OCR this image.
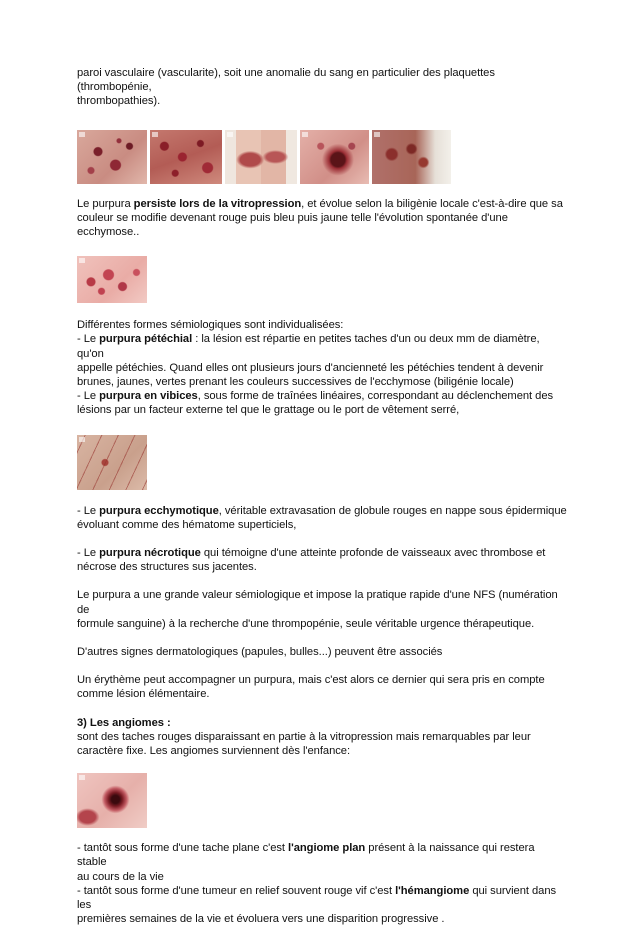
paroi vasculaire (vascularite), soit une anomalie du sang en particulier des plaquettes (thrombopénie,
thrombopathies).

Le purpura persiste lors de la vitropression, et évolue selon la biligènie locale c'est-à-dire que sa
couleur se modifie devenant rouge puis bleu puis jaune telle l'évolution spontanée d'une ecchymose..

Différentes formes sémiologiques sont individualisées:
- Le purpura pétéchial : la lésion est répartie en petites taches d'un ou deux mm de diamètre, qu'on
appelle pétéchies. Quand elles ont plusieurs jours d'ancienneté les pétéchies tendent à devenir
brunes, jaunes, vertes prenant les couleurs successives de l'ecchymose (biligénie locale)
- Le purpura en vibices, sous forme de traînées linéaires, correspondant au déclenchement des
lésions par un facteur externe tel que le grattage ou le port de vêtement serré,

- Le purpura ecchymotique, véritable extravasation de globule rouges en nappe sous épidermique
évoluant comme des hématome superticiels,

- Le purpura nécrotique qui témoigne d'une atteinte profonde de vaisseaux avec thrombose et
nécrose des structures sus jacentes.

Le purpura a une grande valeur sémiologique et impose la pratique rapide d'une NFS (numération de
formule sanguine) à la recherche d'une thrompopénie, seule véritable urgence thérapeutique.

D'autres signes dermatologiques (papules, bulles...) peuvent être associés

Un érythème peut accompagner un purpura, mais c'est alors ce dernier qui sera pris en compte
comme lésion élémentaire.

3) Les angiomes :
sont des taches rouges disparaissant en partie à la vitropression mais remarquables par leur
caractère fixe. Les angiomes surviennent dès l'enfance:

- tantôt sous forme d'une tache plane c'est l'angiome plan présent à la naissance qui restera stable
au cours de la vie
- tantôt sous forme d'une tumeur en relief souvent rouge vif c'est l'hémangiome qui survient dans les
premières semaines de la vie et évoluera vers une disparition progressive .
